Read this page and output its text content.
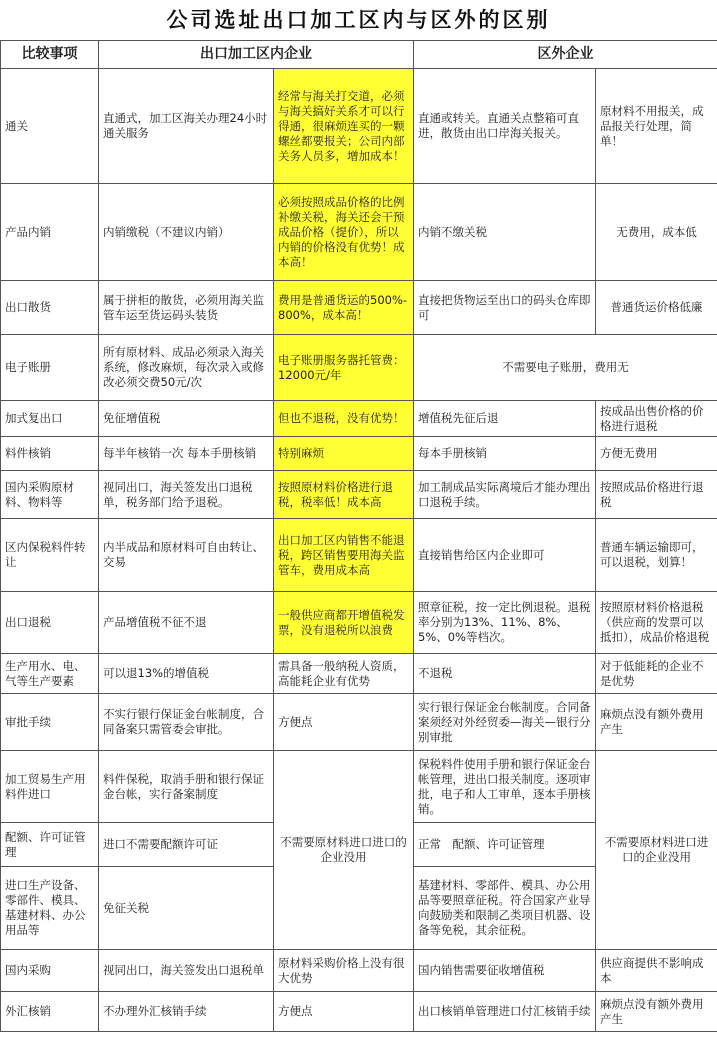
公司选址出口加工区内与区外的区别
比较事项	出口加工区内企业		区外企业	
通关	直通式，加工区海关办理24小时通关服务	经常与海关打交道，必须与海关搞好关系才可以行得通，很麻烦连买的一颗螺丝都要报关；公司内部关务人员多，增加成本！	直通或转关。直通关点整箱可直进，散货由出口岸海关报关。	原材料不用报关，成品报关行处理，简单！
产品内销	内销缴税（不建议内销）	必须按照成品价格的比例补缴关税，海关还会干预成品价格（提价），所以内销的价格没有优势！成本高！	内销不缴关税	无费用，成本低
出口散货	属于拼柜的散货，必须用海关监管车运至货运码头装货	费用是普通货运的500%-800%，成本高！	直接把货物运至出口的码头仓库即可	普通货运价格低廉
电子账册	所有原材料、成品必须录入海关系统，修改麻烦，每次录入或修改必须交费50元/次	电子账册服务器托管费：12000元/年	不需要电子账册，费用无	
加式复出口	免征增值税	但也不退税，没有优势！	增值税先征后退	按成品出售价格的价格进行退税
料件核销	每半年核销一次 每本手册核销	特别麻烦	每本手册核销	方便无费用
国内采购原材料、物料等	视同出口，海关签发出口退税单，税务部门给予退税。	按照原材料价格进行退税，税率低！成本高	加工制成品实际离境后才能办理出口退税手续。	按照成品价格进行退税
区内保税料件转让	内半成品和原材料可自由转让、交易	出口加工区内销售不能退税，跨区销售要用海关监管车，费用成本高	直接销售给区内企业即可	普通车辆运输即可，可以退税，划算！
出口退税	产品增值税不征不退	一般供应商都开增值税发票，没有退税所以浪费	照章征税，按一定比例退税。退税率分别为13%、11%、8%、5%、0%等档次。	按照原材料价格退税（供应商的发票可以抵扣），成品价格退税
生产用水、电、气等生产要素	可以退13%的增值税	需具备一般纳税人资质，高能耗企业有优势	不退税	对于低能耗的企业不是优势
审批手续	不实行银行保证金台帐制度，合同备案只需管委会审批。	方便点	实行银行保证金台帐制度。合同备案须经对外经贸委—海关—银行分别审批	麻烦点没有额外费用产生
加工贸易生产用料件进口	料件保税，取消手册和银行保证金台帐，实行备案制度	不需要原材料进口进口的企业没用	保税料件使用手册和银行保证金台帐管理，进出口报关制度。逐项审批，电子和人工审单，逐本手册核销。	不需要原材料进口进口的企业没用
配额、许可证管理	进口不需要配额许可证		正常　配额、许可证管理	
进口生产设备、零部件、模具、基建材料、办公用品等	免征关税		基建材料、零部件、模具、办公用品等要照章征税。符合国家产业导向鼓励类和限制乙类项目机器、设备等免税，其余征税。	
国内采购	视同出口，海关签发出口退税单	原材料采购价格上没有很大优势	国内销售需要征收增值税	供应商提供不影响成本
外汇核销	不办理外汇核销手续	方便点	出口核销单管理进口付汇核销手续	麻烦点没有额外费用产生
